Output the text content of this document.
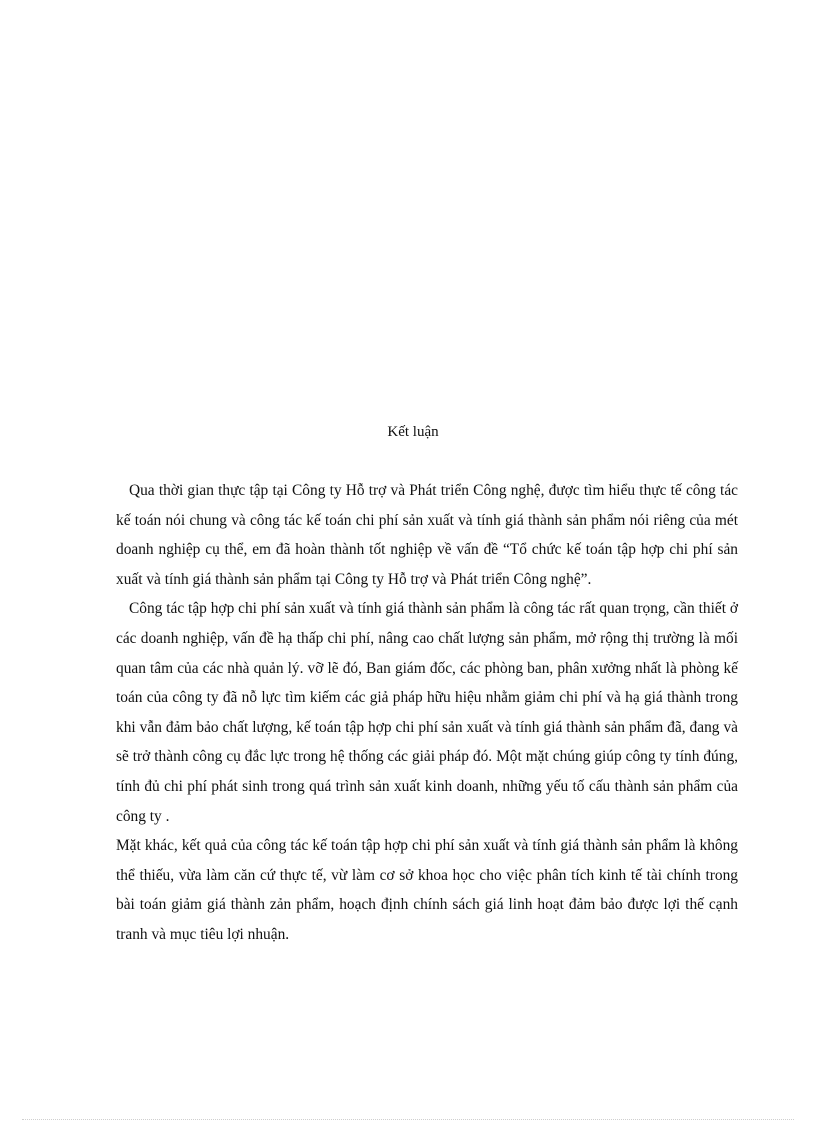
Kết luận

Qua thời gian thực tập tại Công ty Hỗ trợ và Phát triển Công nghệ, được tìm hiểu thực tế công tác kế toán nói chung và công tác kế toán chi phí sản xuất và tính giá thành sản phẩm nói riêng của mét doanh nghiệp cụ thể, em đã hoàn thành tốt nghiệp về vấn đề “Tổ chức kế toán tập hợp chi phí sản xuất và tính giá thành sản phẩm tại Công ty Hỗ trợ và Phát triển Công nghệ”.

Công tác tập hợp chi phí sản xuất và tính giá thành sản phẩm là công tác rất quan trọng, cần thiết ở các doanh nghiệp, vấn đề hạ thấp chi phí, nâng cao chất lượng sản phẩm, mở rộng thị trường là mối quan tâm của các nhà quản lý. vỡ lẽ đó, Ban giám đốc, các phòng ban, phân xưởng nhất là phòng kế toán của công ty đã nỗ lực tìm kiếm các giả pháp hữu hiệu nhằm giảm chi phí và hạ giá thành trong khi vẫn đảm bảo chất lượng, kế toán tập hợp chi phí sản xuất và tính giá thành sản phẩm đã, đang và sẽ trở thành công cụ đắc lực trong hệ thống các giải pháp đó. Một mặt chúng giúp công ty tính đúng, tính đủ chi phí phát sinh trong quá trình sản xuất kinh doanh, những yếu tố cấu thành sản phẩm của công ty .

Mặt khác, kết quả của công tác kế toán tập hợp chi phí sản xuất và tính giá thành sản phẩm là không thể thiếu, vừa làm căn cứ thực tế, vừ làm cơ sở khoa học cho việc phân tích kinh tế tài chính trong bài toán giảm giá thành zản phẩm, hoạch định chính sách giá linh hoạt đảm bảo được lợi thế cạnh tranh và mục tiêu lợi nhuận.
